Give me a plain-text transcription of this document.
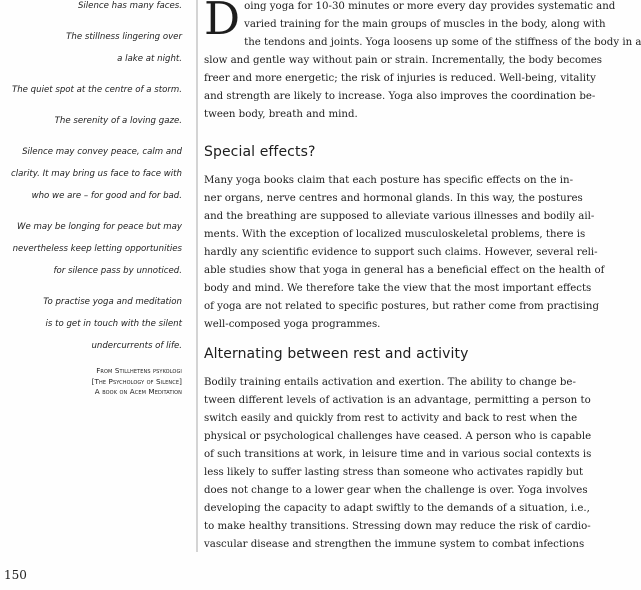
Silence has many faces.
The stillness lingering over
a lake at night.
The quiet spot at the centre of a storm.
The serenity of a loving gaze.
Silence may convey peace, calm and
clarity. It may bring us face to face with
who we are – for good and for bad.
We may be longing for peace but may
nevertheless keep letting opportunities
for silence pass by unnoticed.
To practise yoga and meditation
is to get in touch with the silent
undercurrents of life.
From Stillhetens psykologi
[The Psychology of Silence]
A book on Acem Meditation

D oing yoga for 10-30 minutes or more every day provides systematic and
varied training for the main groups of muscles in the body, along with
the tendons and joints. Yoga loosens up some of the stiffness of the body in a
slow and gentle way without pain or strain. Incrementally, the body becomes
freer and more energetic; the risk of injuries is reduced. Well-being, vitality
and strength are likely to increase. Yoga also improves the coordination be-
tween body, breath and mind.

Special effects?

Many yoga books claim that each posture has specific effects on the in-
ner organs, nerve centres and hormonal glands. In this way, the postures
and the breathing are supposed to alleviate various illnesses and bodily ail-
ments. With the exception of localized musculoskeletal problems, there is
hardly any scientific evidence to support such claims. However, several reli-
able studies show that yoga in general has a beneficial effect on the health of
body and mind. We therefore take the view that the most important effects
of yoga are not related to specific postures, but rather come from practising
well-composed yoga programmes.

Alternating between rest and activity

Bodily training entails activation and exertion. The ability to change be-
tween different levels of activation is an advantage, permitting a person to
switch easily and quickly from rest to activity and back to rest when the
physical or psychological challenges have ceased. A person who is capable
of such transitions at work, in leisure time and in various social contexts is
less likely to suffer lasting stress than someone who activates rapidly but
does not change to a lower gear when the challenge is over. Yoga involves
developing the capacity to adapt swiftly to the demands of a situation, i.e.,
to make healthy transitions. Stressing down may reduce the risk of cardio-
vascular disease and strengthen the immune system to combat infections

150
